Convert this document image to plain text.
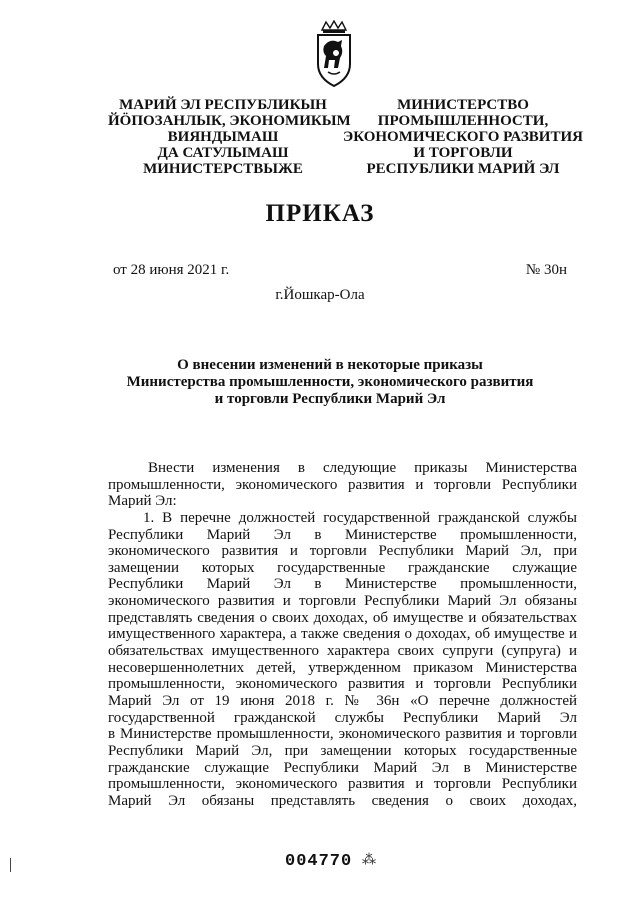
МАРИЙ ЭЛ РЕСПУБЛИКЫН
ЙӦПОЗАНЛЫК, ЭКОНОМИКЫМ
ВИЯНДЫМАШ
ДА САТУЛЫМАШ
МИНИСТЕРСТВЫЖЕ
МИНИСТЕРСТВО
ПРОМЫШЛЕННОСТИ,
ЭКОНОМИЧЕСКОГО РАЗВИТИЯ
И ТОРГОВЛИ
РЕСПУБЛИКИ МАРИЙ ЭЛ
ПРИКАЗ
от 28 июня 2021 г.	№ 30н
г.Йошкар-Ола
О внесении изменений в некоторые приказы
Министерства промышленности, экономического развития
и торговли Республики Марий Эл
Внести изменения в следующие приказы Министерства
промышленности, экономического развития и торговли Республики
Марий Эл:
1. В перечне должностей государственной гражданской службы
Республики Марий Эл в Министерстве промышленности,
экономического развития и торговли Республики Марий Эл, при
замещении которых государственные гражданские служащие
Республики Марий Эл в Министерстве промышленности,
экономического развития и торговли Республики Марий Эл обязаны
представлять сведения о своих доходах, об имуществе и обязательствах
имущественного характера, а также сведения о доходах, об имуществе и
обязательствах имущественного характера своих супруги (супруга) и
несовершеннолетних детей, утвержденном приказом Министерства
промышленности, экономического развития и торговли Республики
Марий Эл от 19 июня 2018 г. № 36н «О перечне должностей
государственной гражданской службы Республики Марий Эл
в Министерстве промышленности, экономического развития и торговли
Республики Марий Эл, при замещении которых государственные
гражданские служащие Республики Марий Эл в Министерстве
промышленности, экономического развития и торговли Республики
Марий Эл обязаны представлять сведения о своих доходах,
004770 ⁂
